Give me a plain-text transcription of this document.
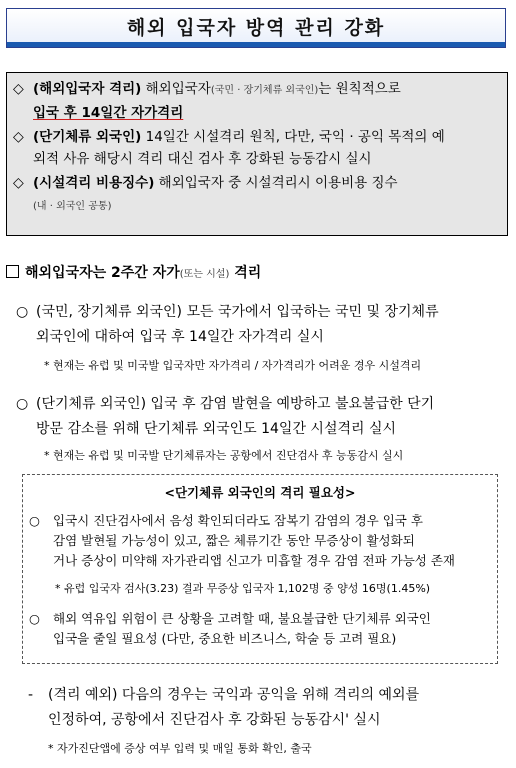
해외 입국자 방역 관리 강화
◇ (해외입국자 격리) 해외입국자(국민 · 장기체류 외국인)는 원칙적으로
입국 후 14일간 자가격리
◇ (단기체류 외국인) 14일간 시설격리 원칙, 다만, 국익 · 공익 목적의 예
외적 사유 해당시 격리 대신 검사 후 강화된 능동감시 실시
◇ (시설격리 비용징수) 해외입국자 중 시설격리시 이용비용 징수
(내 · 외국인 공통)
해외입국자는 2주간 자가(또는 시설) 격리
○ (국민, 장기체류 외국인) 모든 국가에서 입국하는 국민 및 장기체류
외국인에 대하여 입국 후 14일간 자가격리 실시
* 현재는 유럽 및 미국발 입국자만 자가격리 / 자가격리가 어려운 경우 시설격리
○ (단기체류 외국인) 입국 후 감염 발현을 예방하고 불요불급한 단기
방문 감소를 위해 단기체류 외국인도 14일간 시설격리 실시
* 현재는 유럽 및 미국발 단기체류자는 공항에서 진단검사 후 능동감시 실시
<단기체류 외국인의 격리 필요성>
○ 입국시 진단검사에서 음성 확인되더라도 잠복기 감염의 경우 입국 후
감염 발현될 가능성이 있고, 짧은 체류기간 동안 무증상이 활성화되
거나 증상이 미약해 자가관리앱 신고가 미흡할 경우 감염 전파 가능성 존재
* 유럽 입국자 검사(3.23) 결과 무증상 입국자 1,102명 중 양성 16명(1.45%)
○ 해외 역유입 위험이 큰 상황을 고려할 때, 불요불급한 단기체류 외국인
입국을 줄일 필요성 (다만, 중요한 비즈니스, 학술 등 고려 필요)
- (격리 예외) 다음의 경우는 국익과 공익을 위해 격리의 예외를
인정하여, 공항에서 진단검사 후 강화된 능동감시' 실시
* 자가진단앱에 증상 여부 입력 및 매일 통화 확인, 출국
